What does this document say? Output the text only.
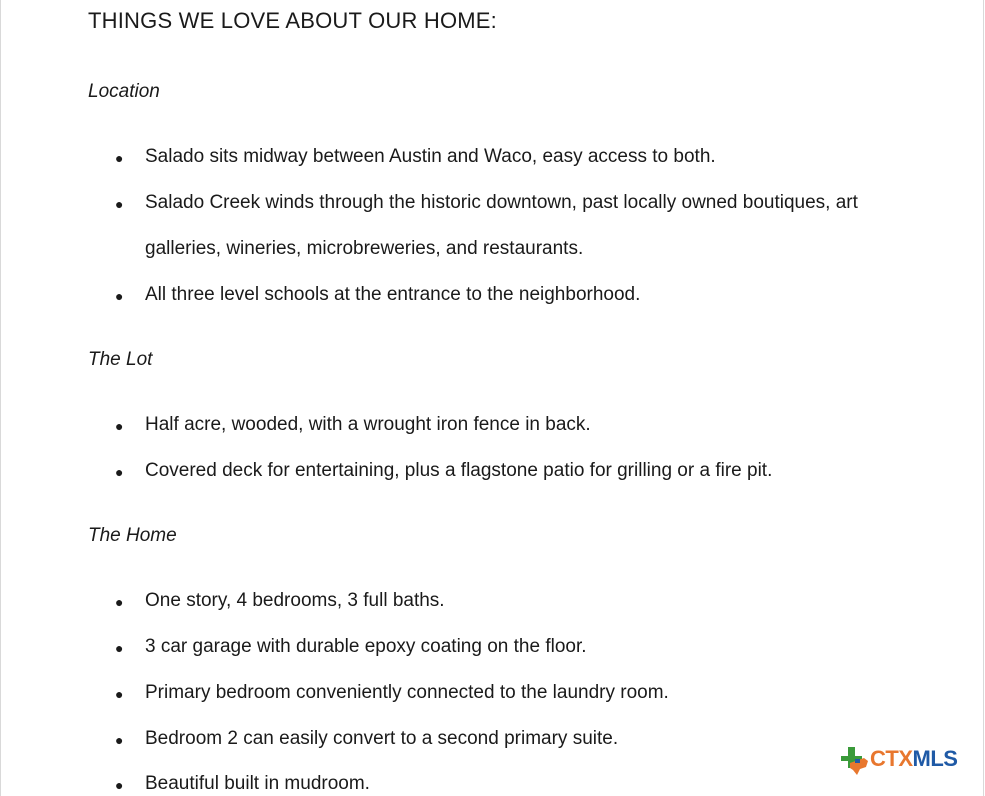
THINGS WE LOVE ABOUT OUR HOME:
Location
● Salado sits midway between Austin and Waco, easy access to both.
● Salado Creek winds through the historic downtown, past locally owned boutiques, art
galleries, wineries, microbreweries, and restaurants.
● All three level schools at the entrance to the neighborhood.
The Lot
● Half acre, wooded, with a wrought iron fence in back.
● Covered deck for entertaining, plus a flagstone patio for grilling or a fire pit.
The Home
● One story, 4 bedrooms, 3 full baths.
● 3 car garage with durable epoxy coating on the floor.
● Primary bedroom conveniently connected to the laundry room.
● Bedroom 2 can easily convert to a second primary suite.
● Beautiful built in mudroom.
CTXMLS
